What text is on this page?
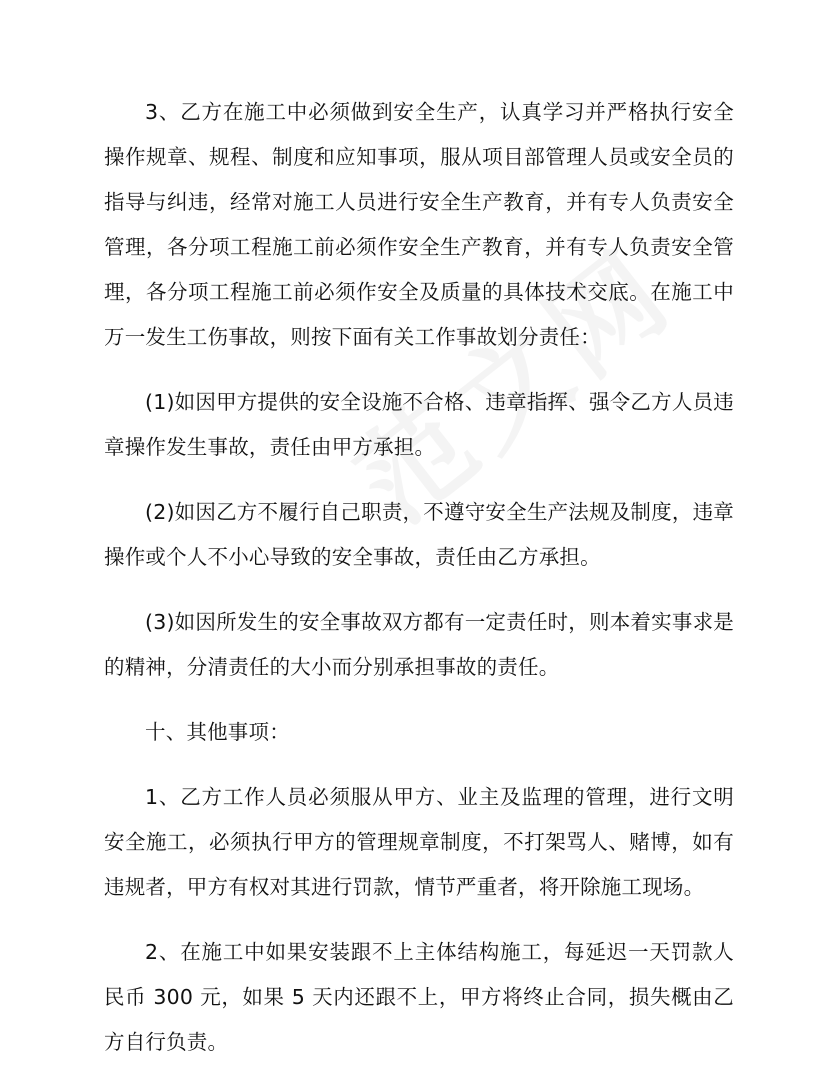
3、乙方在施工中必须做到安全生产，认真学习并严格执行安全操作规章、规程、制度和应知事项，服从项目部管理人员或安全员的指导与纠违，经常对施工人员进行安全生产教育，并有专人负责安全管理，各分项工程施工前必须作安全生产教育，并有专人负责安全管理，各分项工程施工前必须作安全及质量的具体技术交底。在施工中万一发生工伤事故，则按下面有关工作事故划分责任：

(1)如因甲方提供的安全设施不合格、违章指挥、强令乙方人员违章操作发生事故，责任由甲方承担。

(2)如因乙方不履行自己职责，不遵守安全生产法规及制度，违章操作或个人不小心导致的安全事故，责任由乙方承担。

(3)如因所发生的安全事故双方都有一定责任时，则本着实事求是的精神，分清责任的大小而分别承担事故的责任。

十、其他事项：

1、乙方工作人员必须服从甲方、业主及监理的管理，进行文明安全施工，必须执行甲方的管理规章制度，不打架骂人、赌博，如有违规者，甲方有权对其进行罚款，情节严重者，将开除施工现场。

2、在施工中如果安装跟不上主体结构施工，每延迟一天罚款人民币 300 元，如果 5 天内还跟不上，甲方将终止合同，损失概由乙方自行负责。
